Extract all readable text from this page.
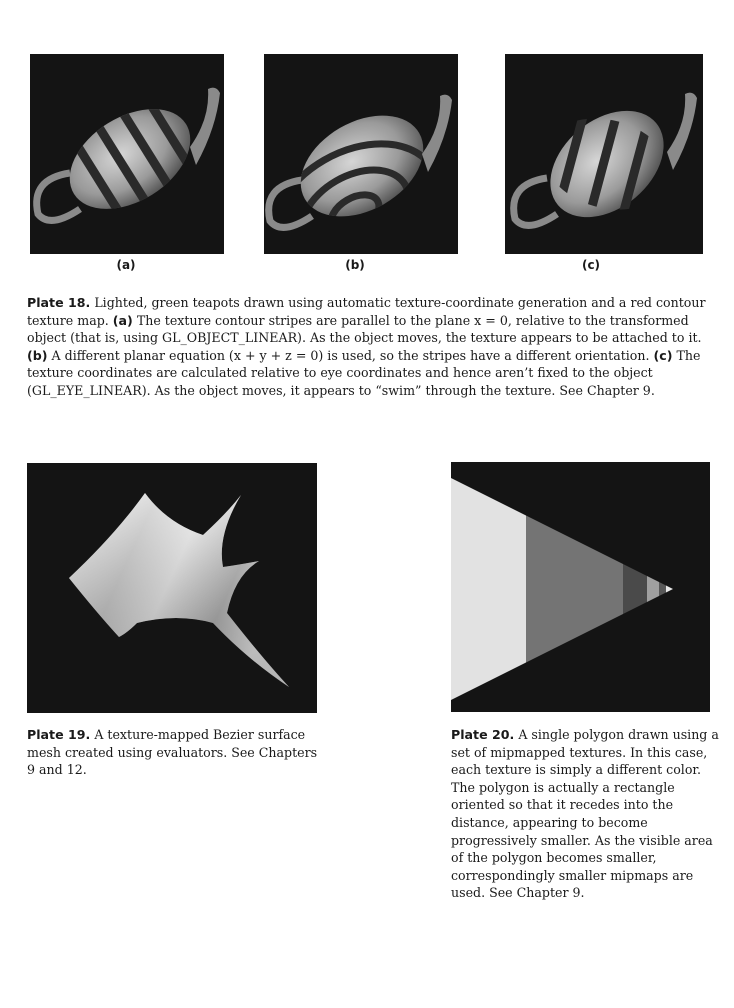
(a)	(b)	(c)
Plate 18. Lighted, green teapots drawn using automatic texture-coordinate generation and a red contour texture map. (a) The texture contour stripes are parallel to the plane x = 0, relative to the transformed object (that is, using GL_OBJECT_LINEAR). As the object moves, the texture appears to be attached to it. (b) A different planar equation (x + y + z = 0) is used, so the stripes have a different orientation. (c) The texture coordinates are calculated relative to eye coordinates and hence aren’t fixed to the object (GL_EYE_LINEAR). As the object moves, it appears to “swim” through the texture. See Chapter 9.
Plate 19. A texture-mapped Bezier surface mesh created using evaluators. See Chapters 9 and 12.
Plate 20. A single polygon drawn using a set of mipmapped textures. In this case, each texture is simply a different color. The polygon is actually a rectangle oriented so that it recedes into the distance, appearing to become progressively smaller. As the visible area of the polygon becomes smaller, correspondingly smaller mipmaps are used. See Chapter 9.
